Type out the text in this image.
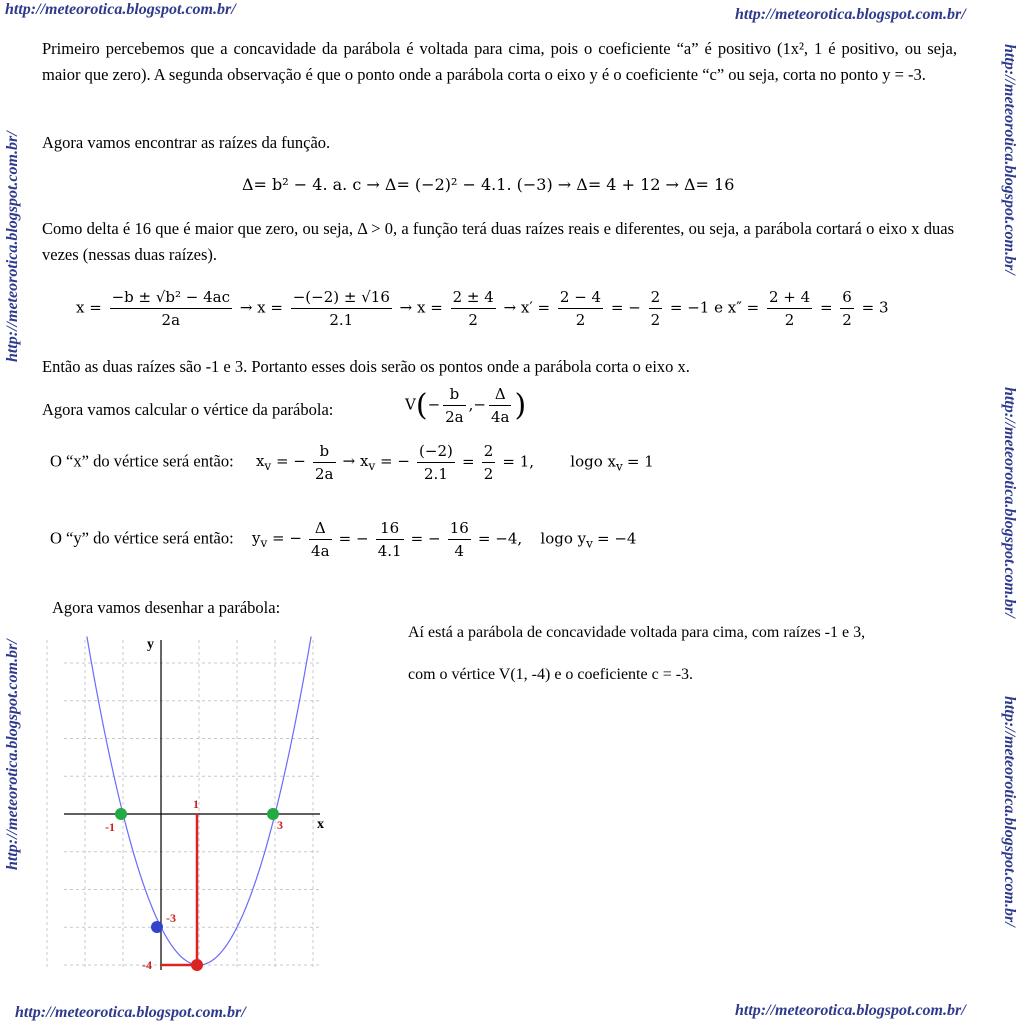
http://meteorotica.blogspot.com.br/	http://meteorotica.blogspot.com.br/
http://meteorotica.blogspot.com.br/	http://meteorotica.blogspot.com.br/
http://meteorotica.blogspot.com.br/
http://meteorotica.blogspot.com.br/
http://meteorotica.blogspot.com.br/
http://meteorotica.blogspot.com.br/
http://meteorotica.blogspot.com.br/
Primeiro percebemos que a concavidade da parábola é voltada para cima, pois o coeficiente “a” é positivo (1x², 1 é positivo, ou seja, maior que zero). A segunda observação é que o ponto onde a parábola corta o eixo y é o coeficiente “c” ou seja, corta no ponto y = -3.
Agora vamos encontrar as raízes da função.
Δ= b² − 4. a. c → Δ= (−2)² − 4.1. (−3) → Δ= 4 + 12 → Δ= 16
Como delta é 16 que é maior que zero, ou seja, Δ > 0, a função terá duas raízes reais e diferentes, ou seja, a parábola cortará o eixo x duas vezes (nessas duas raízes).
$x = \frac{\text{−b ± √b² − 4ac}}{2a} \to x = \frac{-(-2) \pm √16}{2.1} \to x = \frac{2 \pm 4}{2} \to x' = \frac{2 - 4}{2}$ = − $\frac{2}{2} = -1$ e $x'' = \frac{2 + 4}{2} = \frac{6}{2} = 3$
Então as duas raízes são -1 e 3. Portanto esses dois serão os pontos onde a parábola corta o eixo x.
Agora vamos calcular o vértice da parábola:	$V(- \frac{b}{2a}$ ,− $\frac{\Delta}{4a}$ )
O “x” do vértice será então: $x_v$ = − $\frac{b}{2a} \to x_v$ = − $\frac{(-2)}{2.1} = \frac{2}{2} = 1$, logo $x_v = 1$
O “y” do vértice será então: $y_v$ = − $\frac{\Delta}{4a}$ = − $\frac{16}{4.1}$ = − $\frac{16}{4} = -4$, logo $y_v = -4$
Agora vamos desenhar a parábola:
Aí está a parábola de concavidade voltada para cima, com raízes -1 e 3,
com o vértice V(1, -4) e o coeficiente c = -3.
x
y
-1	3
-3
1
-4
